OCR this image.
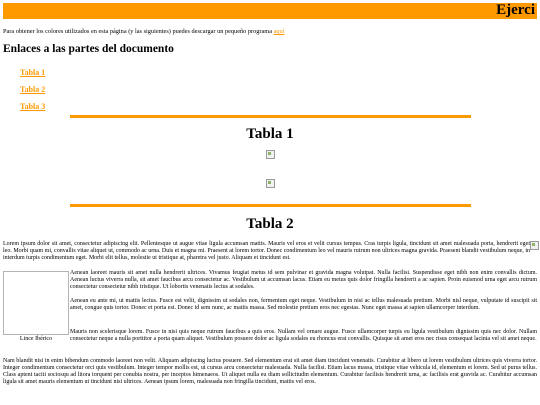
Ejerci
Para obtener los colores utilizados en esta página (y las siguientes) puedes descargar un pequeño programa aquí
Enlaces a las partes del documento
Tabla 1
Tabla 2
Tabla 3
Tabla 1
Tabla 2

Lorem ipsum dolor sit amet, consectetur adipiscing elit. Pellentesque ut augue vitae ligula accumsan mattis. Mauris vel eros et velit cursus tempus. Cras turpis ligula, tincidunt sit amet malesuada porta, hendrerit eget leo. Morbi quam mi, convallis vitae aliquet ut, commodo ac urna. Duis et magna mi. Praesent at lorem tortor. Donec condimentum leo vel mauris rutrum non ultrices magna gravida. Praesent blandit vestibulum neque, in interdum turpis condimentum eget. Morbi elit tellus, molestie ut tristique at, pharetra vel justo. Aliquam et tincidunt est.

Lince Ibérico

Aenean laoreet mauris sit amet nulla hendrerit ultrices. Vivamus feugiat metus id sem pulvinar et gravida magna volutpat. Nulla facilisi. Suspendisse eget nibh non enim convallis dictum. Aenean luctus viverra nulla, sit amet faucibus arcu consectetur ac. Vestibulum ut accumsan lacus. Etiam eu metus quis dolor fringilla hendrerit a ac sapien. Proin euismod urna eget arcu rutrum consectetur consectetur nibh tristique. Ut lobortis venenatis lectus at sodales.

Aenean eu ante mi, ut mattis lectus. Fusce est velit, dignissim ut sodales non, fermentum eget neque. Vestibulum in nisi ac tellus malesuada pretium. Morbi nisl neque, vulputate id suscipit sit amet, congue quis tortor. Donec et porta est. Donec id sem nunc, ac mattis massa. Sed molestie pretium eros nec egestas. Nunc eget massa at sapien ullamcorper interdum.

Mauris non scelerisque lorem. Fusce in nisi quis neque rutrum faucibus a quis eros. Nullam vel ornare augue. Fusce ullamcorper turpis eu ligula vestibulum dignissim quis nec dolor. Nullam consectetur neque a nulla porttitor a porta quam aliquet. Vestibulum posuere dolor ac ligula sodales eu rhoncus erat convallis. Quisque sit amet eros nec risus consequat lacinia vel sit amet neque.

Nam blandit nisi in enim bibendum commodo laoreet non velit. Aliquam adipiscing luctus posuere. Sed elementum erat sit amet diam tincidunt venenatis. Curabitur at libero ut lorem vestibulum ultrices quis viverra tortor. Integer condimentum consectetur orci quis vestibulum. Integer tempor mollis est, ut cursus arcu consectetur malesuada. Nulla facilisi. Etiam lacus massa, tristique vitae vehicula id, elementum et lorem. Sed ut purus tellus. Class aptent taciti sociosqu ad litora torquent per conubia nostra, per inceptos himenaeos. Ut aliquet nulla eu diam sollicitudin elementum. Curabitur facilisis hendrerit urna, ac facilisis erat gravida ac. Curabitur accumsan ligula sit amet mauris elementum ut tincidunt nisi ultrices. Aenean ipsum lorem, malesuada non fringilla tincidunt, mattis vel eros.
